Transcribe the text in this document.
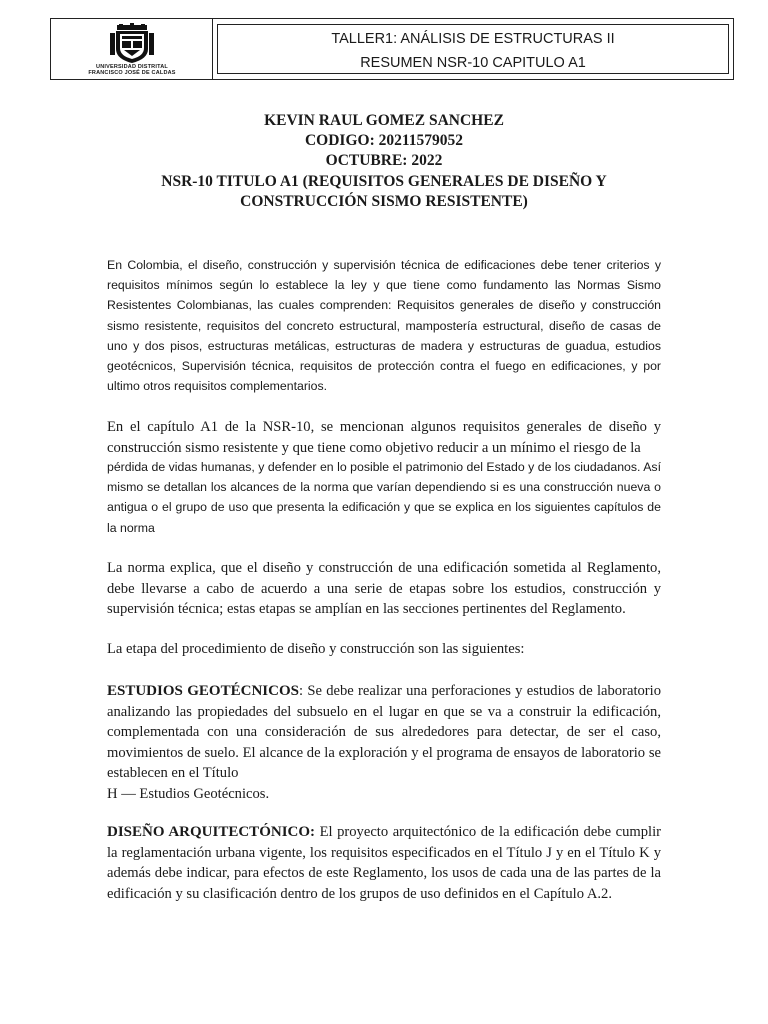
UNIVERSIDAD DISTRITAL
FRANCISCO JOSÉ DE CALDAS
TALLER1: ANÁLISIS DE ESTRUCTURAS II
RESUMEN NSR-10 CAPITULO A1
KEVIN RAUL GOMEZ SANCHEZ
CODIGO: 20211579052
OCTUBRE: 2022
NSR-10 TITULO A1 (REQUISITOS GENERALES DE DISEÑO Y
CONSTRUCCIÓN SISMO RESISTENTE)
En Colombia, el diseño, construcción y supervisión técnica de edificaciones debe tener criterios y requisitos mínimos según lo establece la ley y que tiene como fundamento las Normas Sismo Resistentes Colombianas, las cuales comprenden: Requisitos generales de diseño y construcción sismo resistente, requisitos del concreto estructural, mampostería estructural, diseño de casas de uno y dos pisos, estructuras metálicas, estructuras de madera y estructuras de guadua, estudios geotécnicos, Supervisión técnica, requisitos de protección contra el fuego en edificaciones, y por ultimo otros requisitos complementarios.
En el capítulo A1 de la NSR-10, se mencionan algunos requisitos generales de diseño y construcción sismo resistente y que tiene como objetivo reducir a un mínimo el riesgo de la
pérdida de vidas humanas, y defender en lo posible el patrimonio del Estado y de los ciudadanos. Así mismo se detallan los alcances de la norma que varían dependiendo si es una construcción nueva o antigua o el grupo de uso que presenta la edificación y que se explica en los siguientes capítulos de la norma
La norma explica, que el diseño y construcción de una edificación sometida al Reglamento, debe llevarse a cabo de acuerdo a una serie de etapas sobre los estudios, construcción y supervisión técnica; estas etapas se amplían en las secciones pertinentes del Reglamento.
La etapa del procedimiento de diseño y construcción son las siguientes:
ESTUDIOS GEOTÉCNICOS: Se debe realizar una perforaciones y estudios de laboratorio analizando las propiedades del subsuelo en el lugar en que se va a construir la edificación, complementada con una consideración de sus alrededores para detectar, de ser el caso, movimientos de suelo. El alcance de la exploración y el programa de ensayos de laboratorio se establecen en el Título
H — Estudios Geotécnicos.
DISEÑO ARQUITECTÓNICO: El proyecto arquitectónico de la edificación debe cumplir la reglamentación urbana vigente, los requisitos especificados en el Título J y en el Título K y además debe indicar, para efectos de este Reglamento, los usos de cada una de las partes de la edificación y su clasificación dentro de los grupos de uso definidos en el Capítulo A.2.
